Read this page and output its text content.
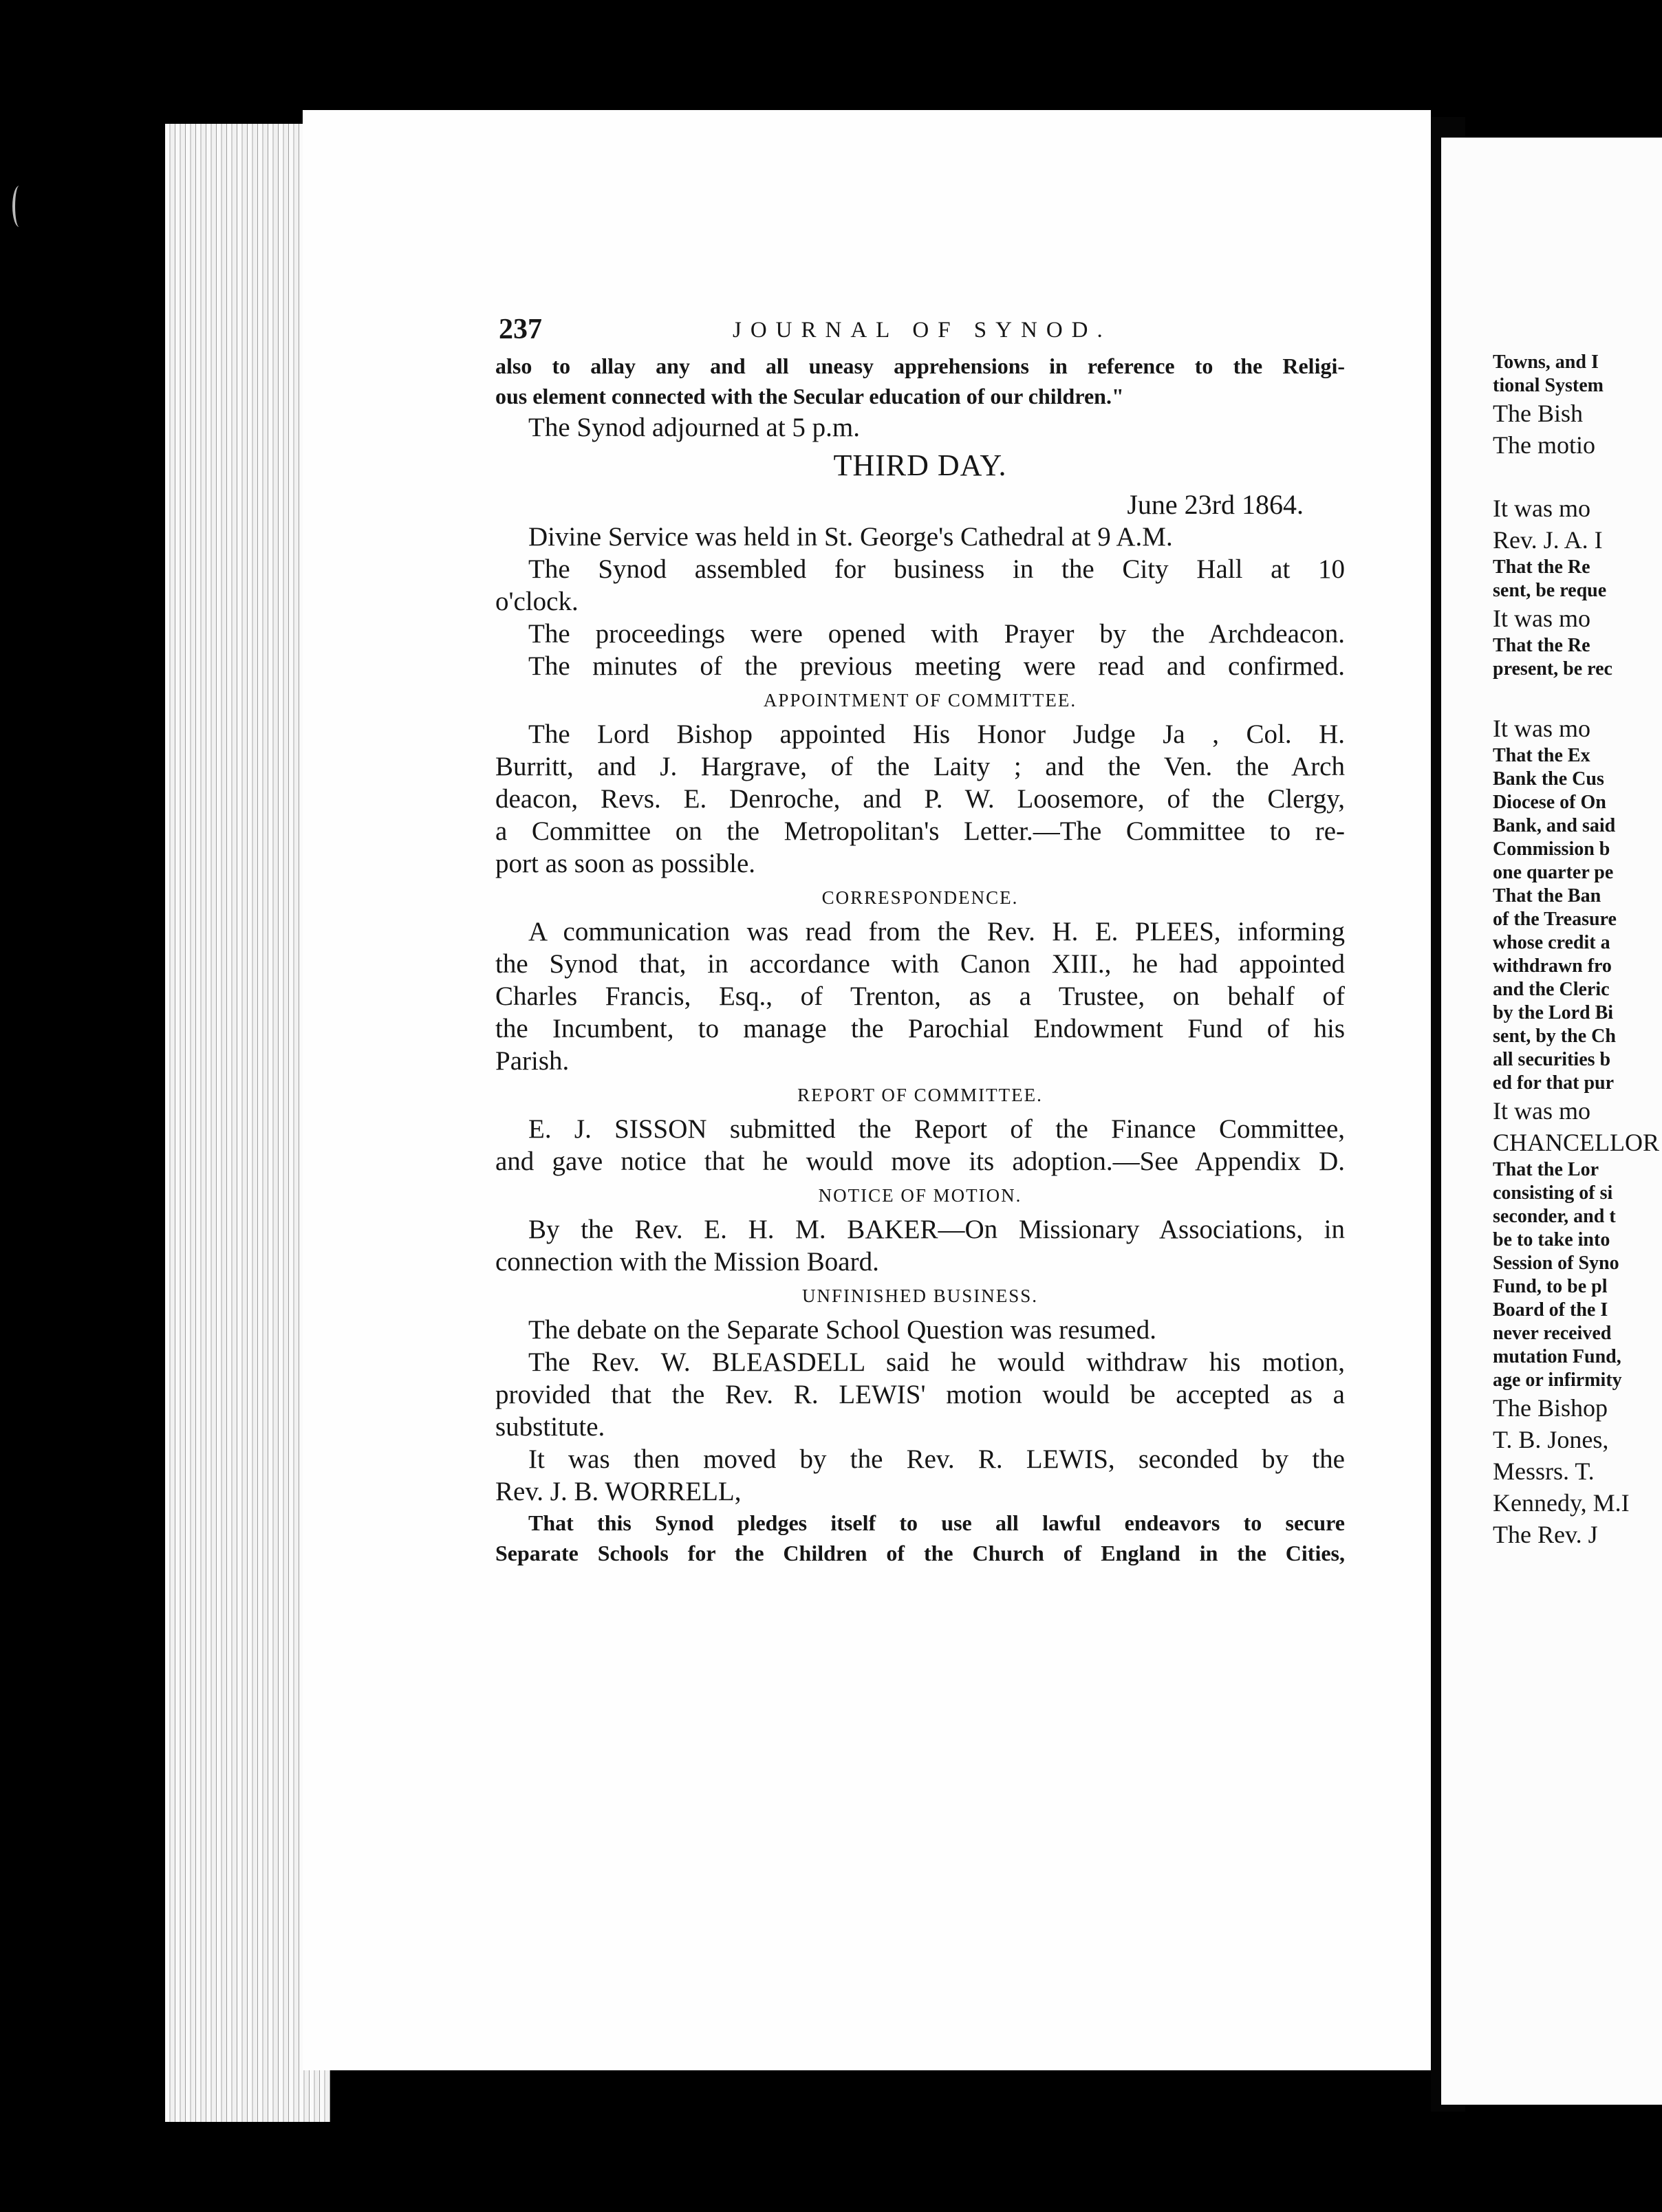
237	JOURNAL OF SYNOD.
also to allay any and all uneasy apprehensions in reference to the Religi-
ous element connected with the Secular education of our children."
The Synod adjourned at 5 p.m.
THIRD DAY.
June 23rd 1864.
Divine Service was held in St. George's Cathedral at 9 A.M.
The Synod assembled for business in the City Hall at 10
o'clock.
The proceedings were opened with Prayer by the Archdeacon.
The minutes of the previous meeting were read and confirmed.
APPOINTMENT OF COMMITTEE.
The Lord Bishop appointed His Honor Judge Ja , Col. H.
Burritt, and J. Hargrave, of the Laity ; and the Ven. the Arch
deacon, Revs. E. Denroche, and P. W. Loosemore, of the Clergy,
a Committee on the Metropolitan's Letter.—The Committee to re-
port as soon as possible.
CORRESPONDENCE.
A communication was read from the Rev. H. E. PLEES, informing
the Synod that, in accordance with Canon XIII., he had appointed
Charles Francis, Esq., of Trenton, as a Trustee, on behalf of
the Incumbent, to manage the Parochial Endowment Fund of his
Parish.
REPORT OF COMMITTEE.
E. J. SISSON submitted the Report of the Finance Committee,
and gave notice that he would move its adoption.—See Appendix D.
NOTICE OF MOTION.
By the Rev. E. H. M. BAKER—On Missionary Associations, in
connection with the Mission Board.
UNFINISHED BUSINESS.
The debate on the Separate School Question was resumed.
The Rev. W. BLEASDELL said he would withdraw his motion,
provided that the Rev. R. LEWIS' motion would be accepted as a
substitute.
It was then moved by the Rev. R. LEWIS, seconded by the
Rev. J. B. WORRELL,
That this Synod pledges itself to use all lawful endeavors to secure
Separate Schools for the Children of the Church of England in the Cities,
Towns, and I
tional System
The Bish
The motio

It was mo
Rev. J. A. I
That the Re
sent, be reque
It was mo
That the Re
present, be rec

It was mo
That the Ex
Bank the Cus
Diocese of On
Bank, and said
Commission b
one quarter pe
That the Ban
of the Treasure
whose credit a
withdrawn fro
and the Cleric
by the Lord Bi
sent, by the Ch
all securities b
ed for that pur
It was mo
CHANCELLOR
That the Lor
consisting of si
seconder, and t
be to take into
Session of Syno
Fund, to be pl
Board of the I
never received
mutation Fund,
age or infirmity
The Bishop
T. B. Jones,
Messrs. T.
Kennedy, M.I
The Rev. J
